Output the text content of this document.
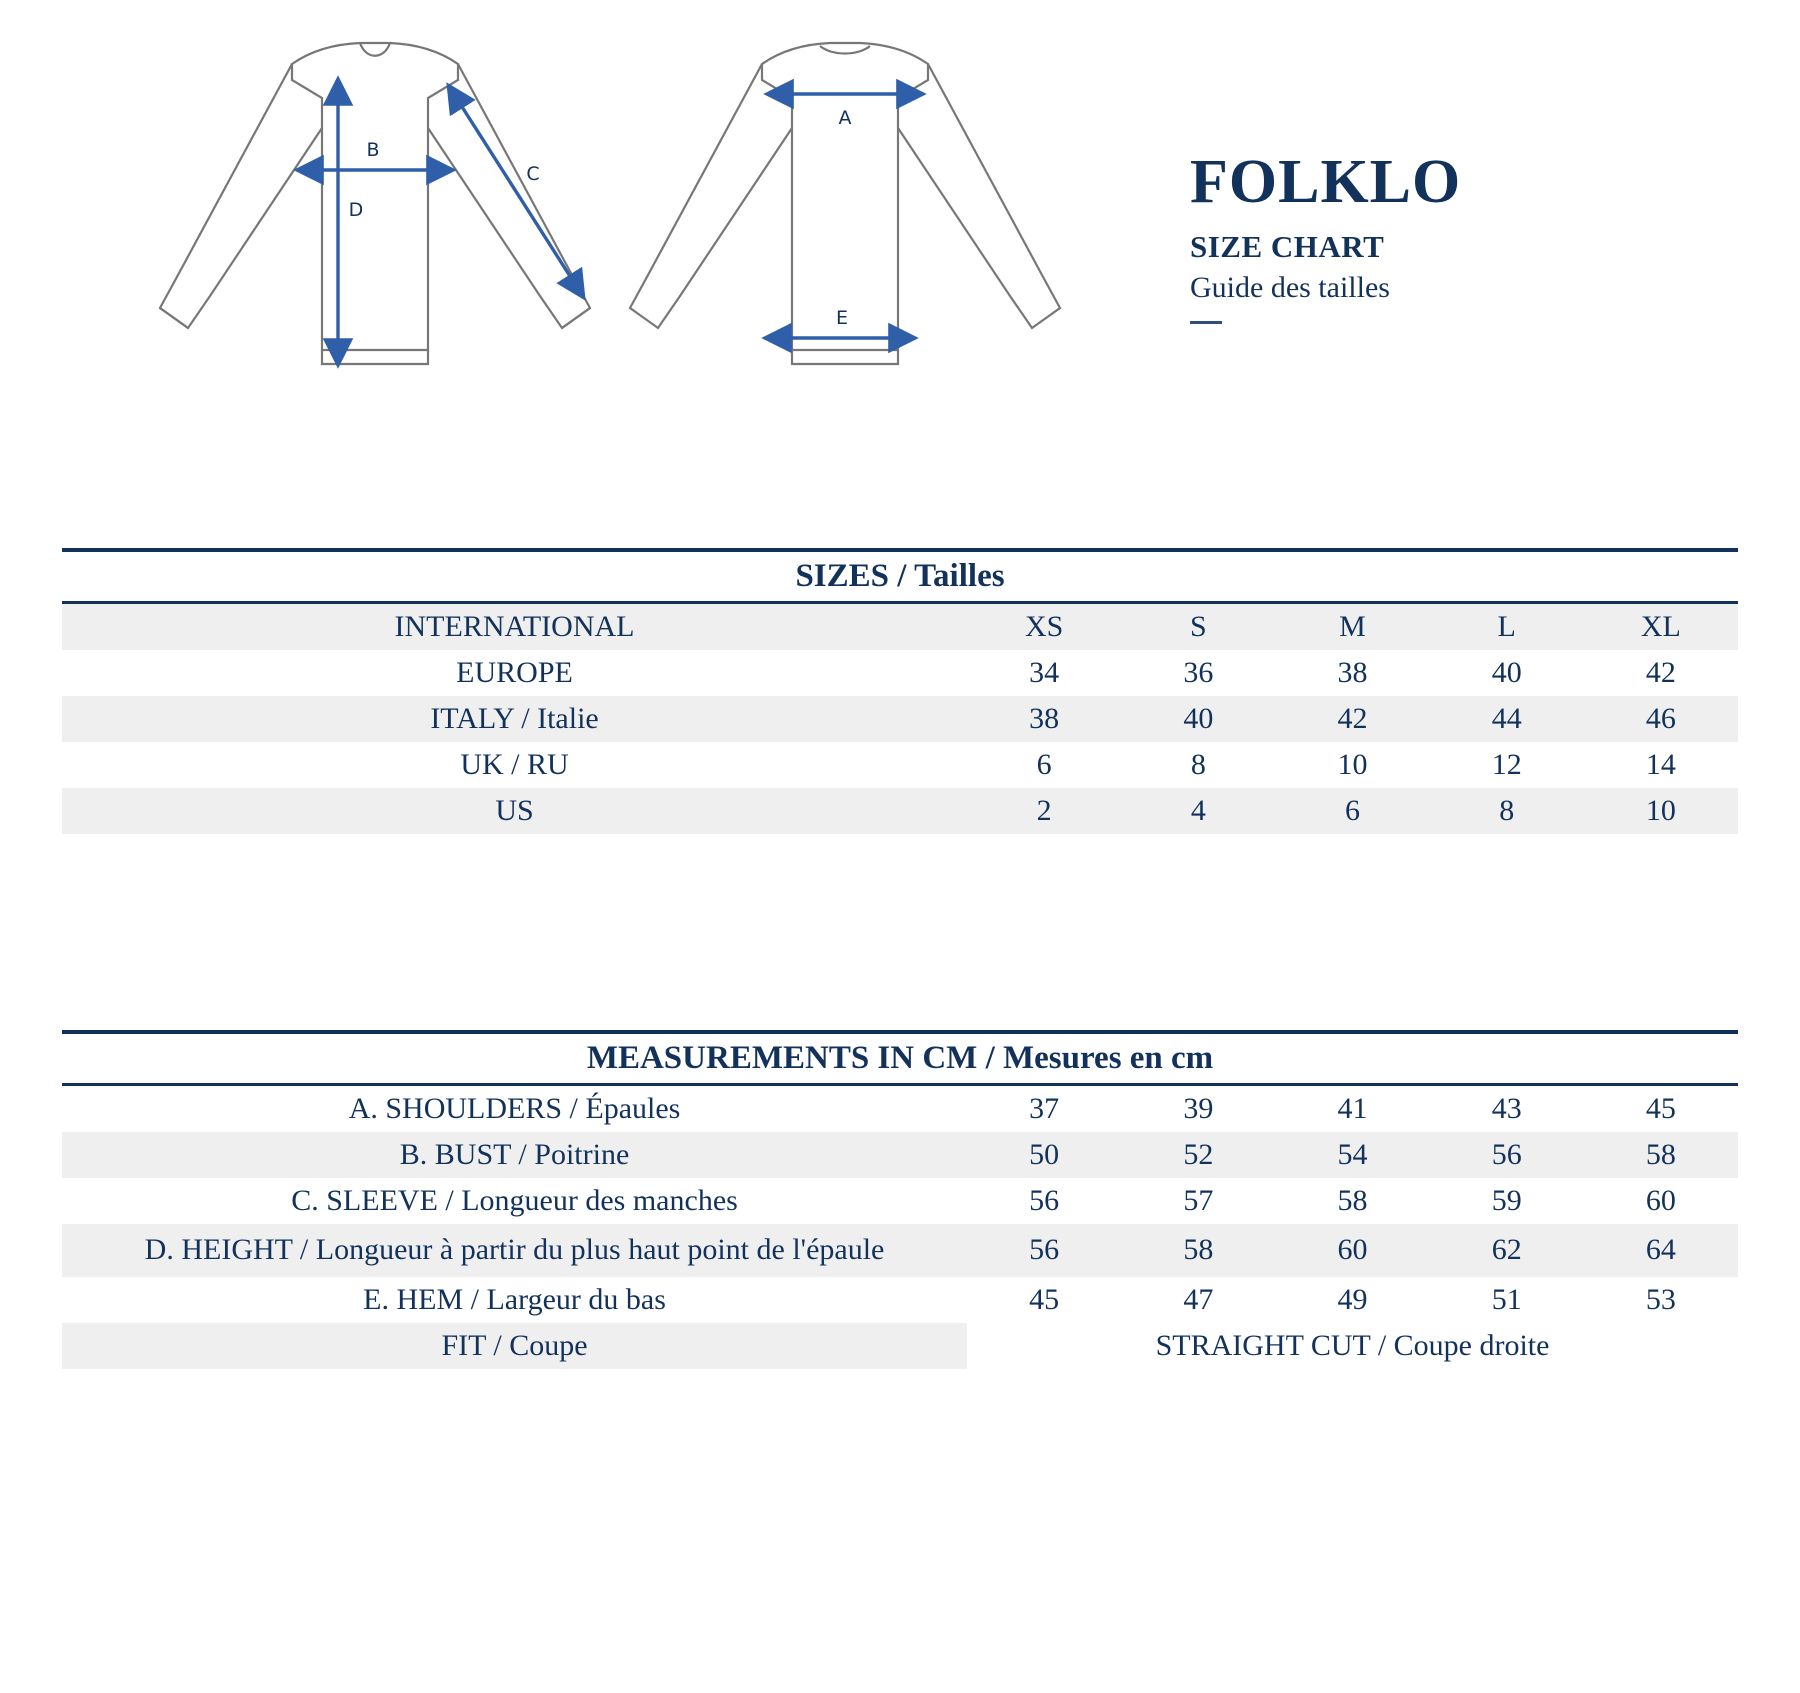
B
D
C
A
E
FOLKLO
SIZE CHART
Guide des tailles
SIZES / Tailles					
INTERNATIONAL	XS	S	M	L	XL
EUROPE	34	36	38	40	42
ITALY / Italie	38	40	42	44	46
UK / RU	6	8	10	12	14
US	2	4	6	8	10
MEASUREMENTS IN CM / Mesures en cm					
A. SHOULDERS / Épaules	37	39	41	43	45
B. BUST / Poitrine	50	52	54	56	58
C. SLEEVE / Longueur des manches	56	57	58	59	60
D. HEIGHT / Longueur à partir du plus haut point de l'épaule	56	58	60	62	64
E. HEM / Largeur du bas	45	47	49	51	53
FIT / Coupe	STRAIGHT CUT / Coupe droite				
